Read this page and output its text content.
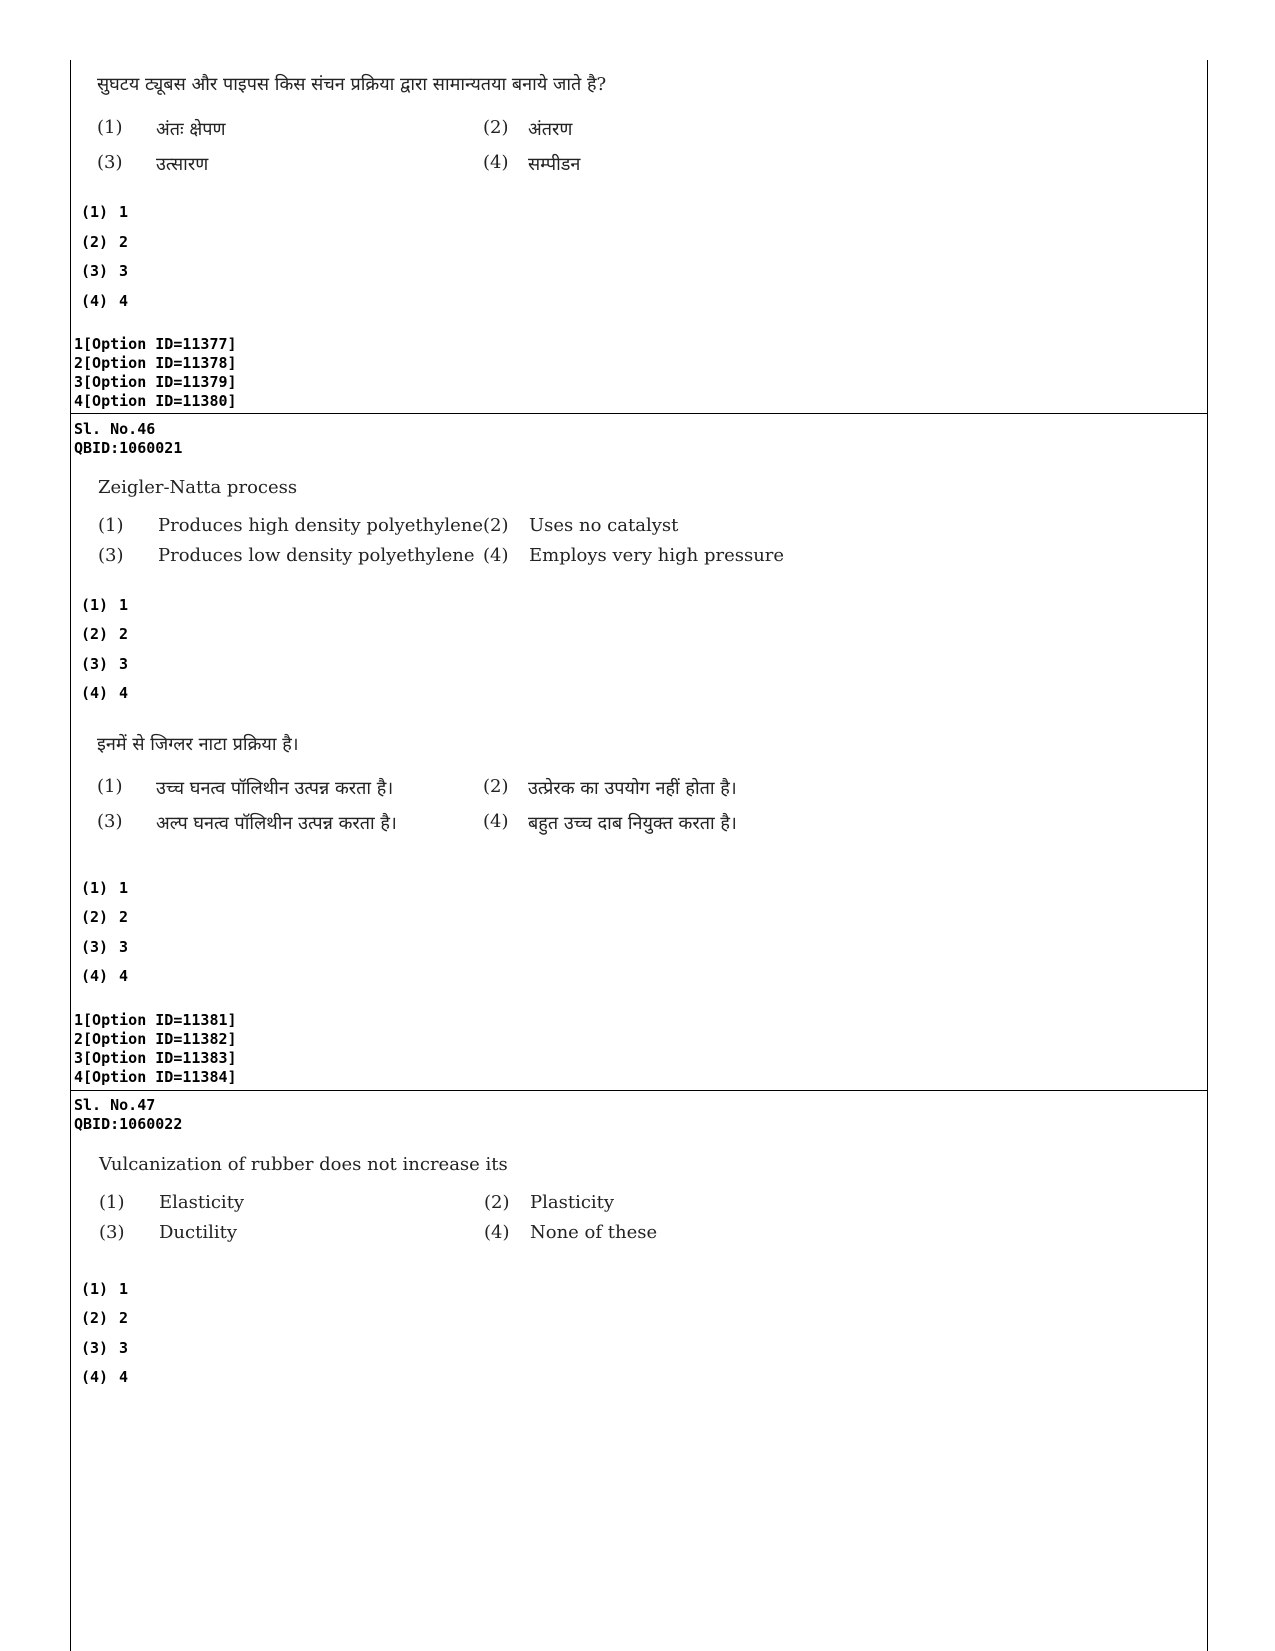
सुघटय ट्यूबस और पाइपस किस संचन प्रक्रिया द्वारा सामान्यतया बनाये जाते है?
(1) अंतः क्षेपण	(2) अंतरण
(3) उत्सारण	(4) सम्पीडन
(1) 1
(2) 2
(3) 3
(4) 4
1[Option ID=11377]
2[Option ID=11378]
3[Option ID=11379]
4[Option ID=11380]
Sl. No.46
QBID:1060021
Zeigler-Natta process
(1) Produces high density polyethylene (2) Uses no catalyst
(3) Produces low density polyethylene (4) Employs very high pressure
(1) 1
(2) 2
(3) 3
(4) 4
इनमें से जिग्लर नाटा प्रक्रिया है।
(1) उच्च घनत्व पॉलिथीन उत्पन्न करता है।	(2) उत्प्रेरक का उपयोग नहीं होता है।
(3) अल्प घनत्व पॉलिथीन उत्पन्न करता है।	(4) बहुत उच्च दाब नियुक्त करता है।
(1) 1
(2) 2
(3) 3
(4) 4
1[Option ID=11381]
2[Option ID=11382]
3[Option ID=11383]
4[Option ID=11384]
Sl. No.47
QBID:1060022
Vulcanization of rubber does not increase its
(1) Elasticity	(2) Plasticity
(3) Ductility	(4) None of these
(1) 1
(2) 2
(3) 3
(4) 4
